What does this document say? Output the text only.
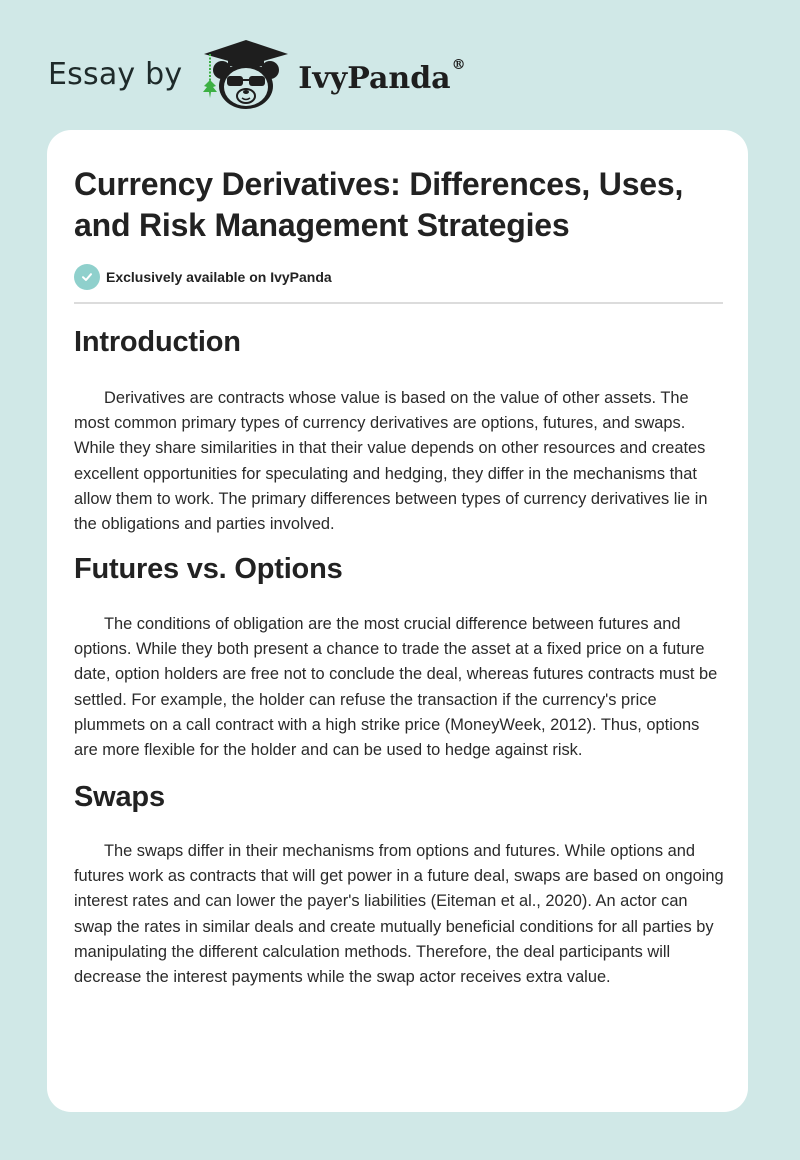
Essay by	IvyPanda®
Currency Derivatives: Differences, Uses, and Risk Management Strategies
Exclusively available on IvyPanda
Introduction

Derivatives are contracts whose value is based on the value of other assets. The most common primary types of currency derivatives are options, futures, and swaps. While they share similarities in that their value depends on other resources and creates excellent opportunities for speculating and hedging, they differ in the mechanisms that allow them to work. The primary differences between types of currency derivatives lie in the obligations and parties involved.

Futures vs. Options

The conditions of obligation are the most crucial difference between futures and options. While they both present a chance to trade the asset at a fixed price on a future date, option holders are free not to conclude the deal, whereas futures contracts must be settled. For example, the holder can refuse the transaction if the currency's price plummets on a call contract with a high strike price (MoneyWeek, 2012). Thus, options are more flexible for the holder and can be used to hedge against risk.

Swaps

The swaps differ in their mechanisms from options and futures. While options and futures work as contracts that will get power in a future deal, swaps are based on ongoing interest rates and can lower the payer's liabilities (Eiteman et al., 2020). An actor can swap the rates in similar deals and create mutually beneficial conditions for all parties by manipulating the different calculation methods. Therefore, the deal participants will decrease the interest payments while the swap actor receives extra value.
